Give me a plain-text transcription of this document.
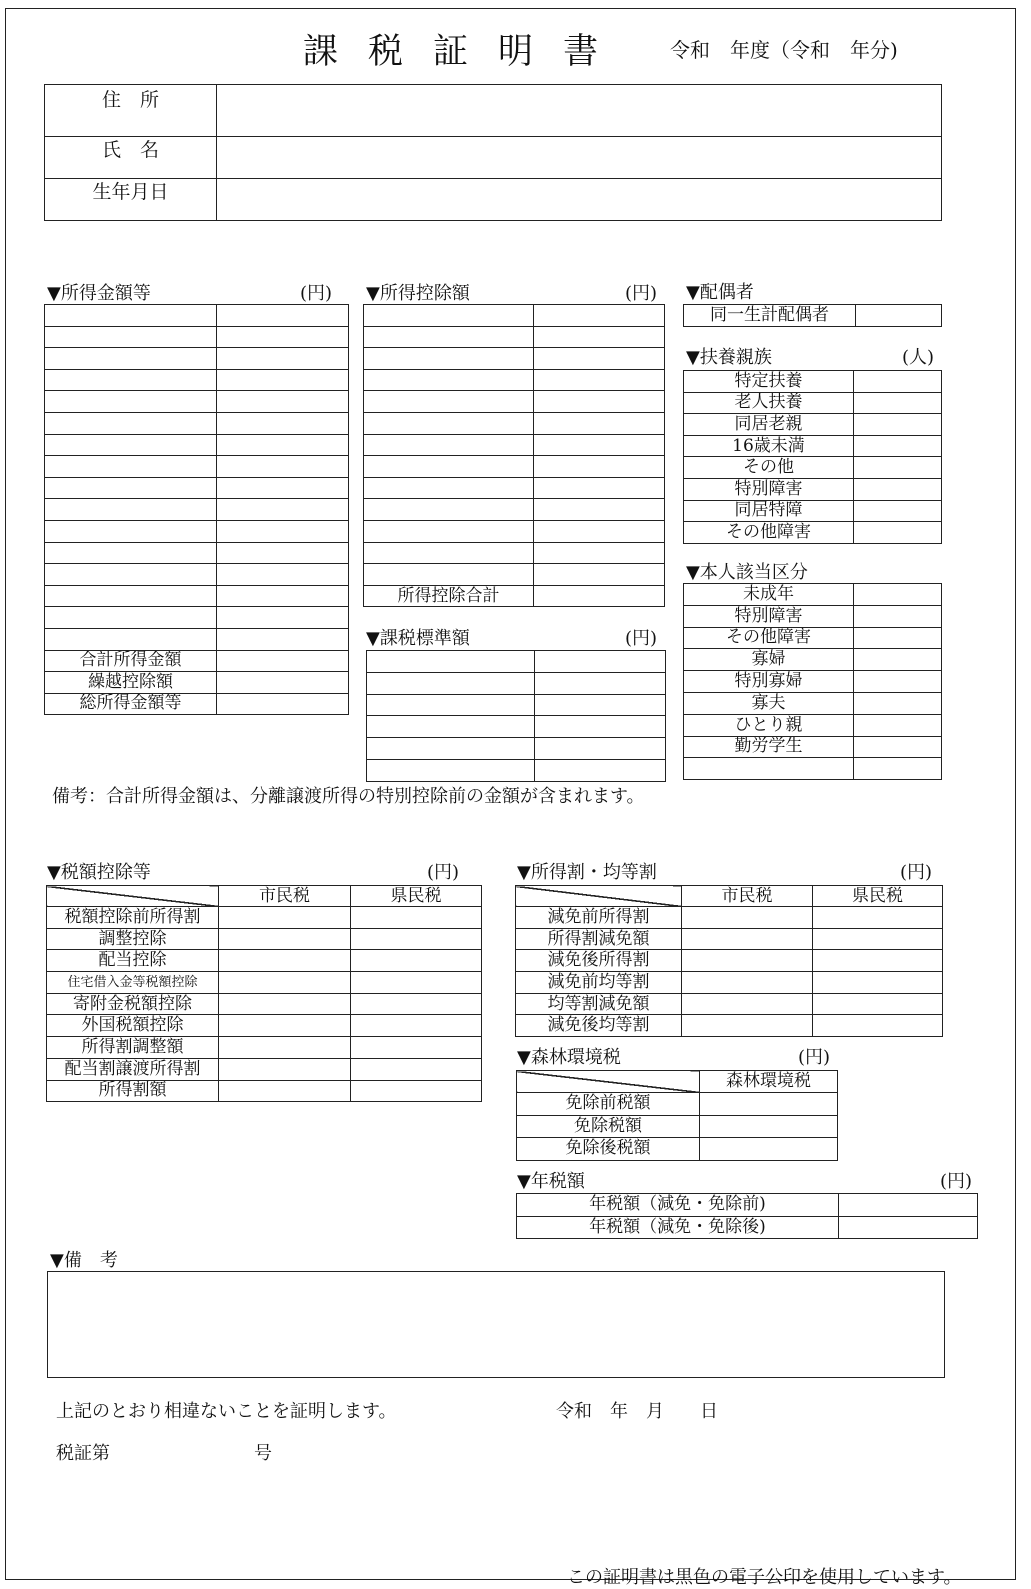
課税証明書 令和　年度（令和　年分)
住　所	
氏　名	
生年月日	
▼所得金額等	(円)

合計所得金額	
繰越控除額	
総所得金額等	
▼所得控除額	(円)

所得控除合計	
▼課税標準額	(円)

▼配偶者
同一生計配偶者	
▼扶養親族	(人)
特定扶養	
老人扶養	
同居老親	
16歳未満	
その他	
特別障害	
同居特障	
その他障害	
▼本人該当区分
未成年	
特別障害	
その他障害	
寡婦	
特別寡婦	
寡夫	
ひとり親	
勤労学生	

備考：合計所得金額は、分離譲渡所得の特別控除前の金額が含まれます。
▼税額控除等	(円)
	市民税	県民税
税額控除前所得割		
調整控除		
配当控除		
住宅借入金等税額控除		
寄附金税額控除		
外国税額控除		
所得割調整額		
配当割譲渡所得割		
所得割額		
▼所得割・均等割	(円)
	市民税	県民税
減免前所得割		
所得割減免額		
減免後所得割		
減免前均等割		
均等割減免額		
減免後均等割		
▼森林環境税	(円)
	森林環境税
免除前税額	
免除税額	
免除後税額	
▼年税額	(円)
年税額（減免・免除前)	
年税額（減免・免除後)	
▼備　考
上記のとおり相違ないことを証明します。	令和　年　月　　日
税証第	号
この証明書は黒色の電子公印を使用しています。
